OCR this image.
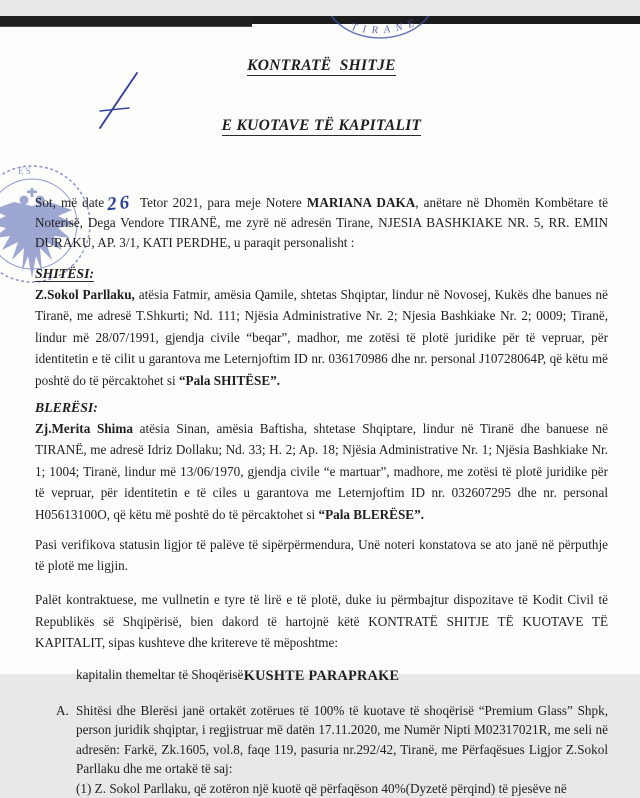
TIRANE
E S

KONTRATË  SHITJE

E KUOTAVE TË KAPITALIT

Sot, më date 26 Tetor 2021, para meje Notere MARIANA DAKA, anëtare në Dhomën Kombëtare të Noterisë, Dega Vendore TIRANË, me zyrë në adresën Tirane, NJESIA BASHKIAKE NR. 5, RR. EMIN DURAKU, AP. 3/1, KATI PERDHE, u paraqit personalisht :

SHITËSI:

Z.Sokol Parllaku, atësia Fatmir, amësia Qamile, shtetas Shqiptar, lindur në Novosej, Kukës dhe banues në Tiranë, me adresë T.Shkurti; Nd. 111; Njësia Administrative Nr. 2; Njesia Bashkiake Nr. 2; 0009; Tiranë, lindur më 28/07/1991, gjendja civile “beqar”, madhor, me zotësi të plotë juridike për të vepruar, për identitetin e të cilit u garantova me Leternjoftim ID nr. 036170986 dhe nr. personal J10728064P, që këtu më poshtë do të përcaktohet si “Pala SHITËSE”.

BLERËSI:

Zj.Merita Shima atësia Sinan, amësia Baftisha, shtetase Shqiptare, lindur në Tiranë dhe banuese në TIRANË, me adresë Idriz Dollaku; Nd. 33; H. 2; Ap. 18; Njësia Administrative Nr. 1; Njësia Bashkiake Nr. 1; 1004; Tiranë, lindur më 13/06/1970, gjendja civile “e martuar”, madhore, me zotësi të plotë juridike për të vepruar, për identitetin e të ciles u garantova me Leternjoftim ID nr. 032607295 dhe nr. personal H05613100O, që këtu më poshtë do të përcaktohet si “Pala BLERËSE”.

Pasi verifikova statusin ligjor të palëve të sipërpërmendura, Unë noteri konstatova se ato janë në përputhje të plotë me ligjin.

Palët kontraktuese, me vullnetin e tyre të lirë e të plotë, duke iu përmbajtur dispozitave të Kodit Civil të Republikës së Shqipërisë, bien dakord të hartojnë këtë KONTRATË SHITJE TË KUOTAVE TË KAPITALIT, sipas kushteve dhe kritereve të mëposhtme:

KUSHTE PARAPRAKE
A. Shitësi dhe Blerësi janë ortakët zotërues të 100% të kuotave të shoqërisë “Premium Glass” Shpk, person juridik shqiptar, i regjistruar më datën 17.11.2020, me Numër Nipti M02317021R, me seli në adresën: Farkë, Zk.1605, vol.8, faqe 119, pasuria nr.292/42, Tiranë, me Përfaqësues Ligjor Z.Sokol Parllaku dhe me ortakë të saj:
(1) Z. Sokol Parllaku, që zotëron një kuotë që përfaqëson 40%(Dyzetë përqind) të pjesëve në
kapitalin themeltar të Shoqërisë
